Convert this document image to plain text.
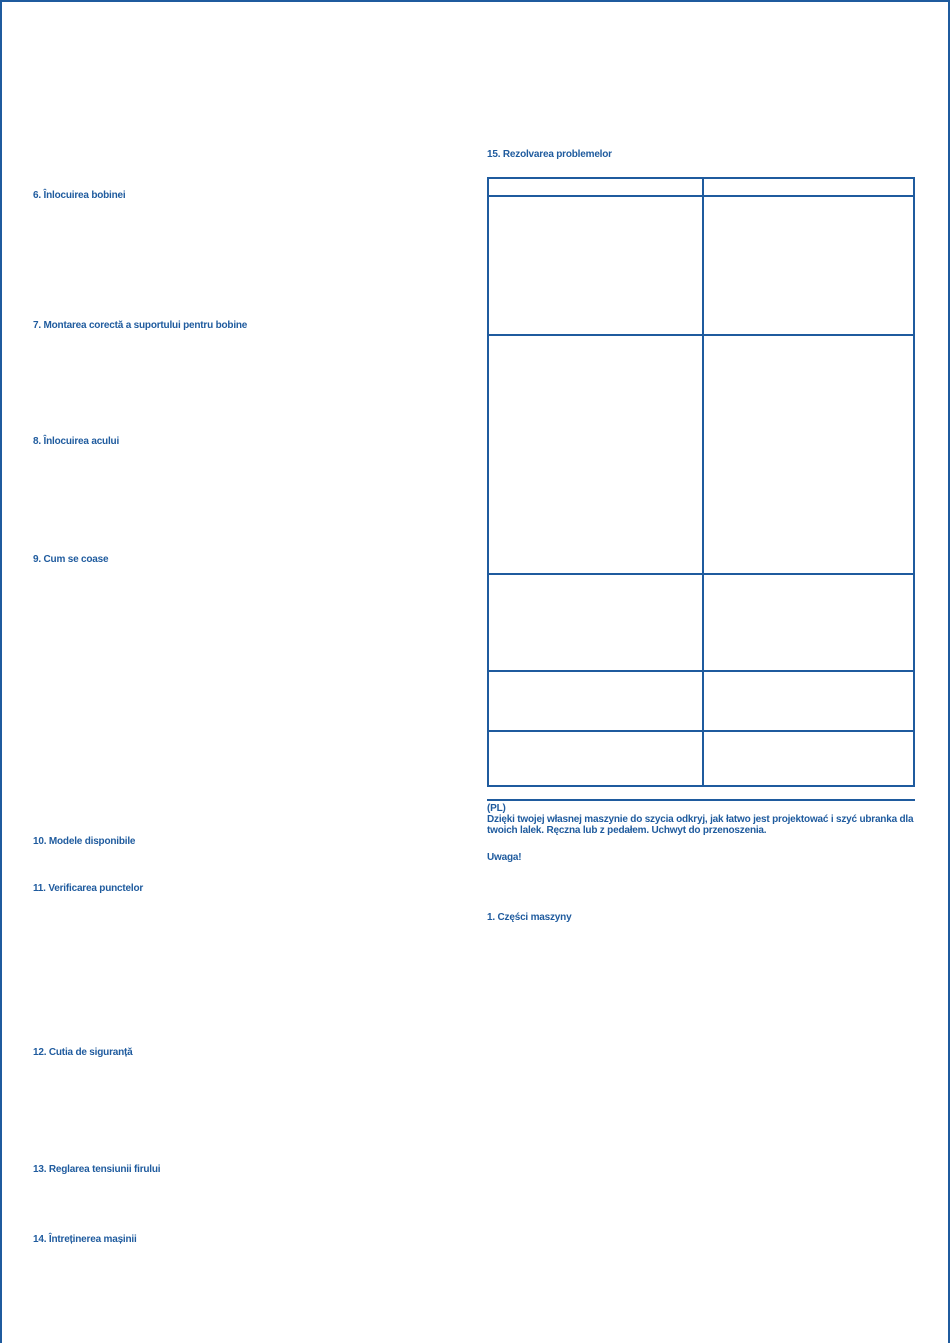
6. Înlocuirea bobinei
7. Montarea corectă a suportului pentru bobine
8. Înlocuirea acului
9. Cum se coase
10. Modele disponibile
11. Verificarea punctelor
12. Cutia de siguranță
13. Reglarea tensiunii firului
14. Întreținerea mașinii
15. Rezolvarea problemelor
(PL)
Dzięki twojej własnej maszynie do szycia odkryj, jak łatwo jest projektować i szyć ubranka dla twoich lalek. Ręczna lub z pedałem. Uchwyt do przenoszenia.
Uwaga!
1. Części maszyny
